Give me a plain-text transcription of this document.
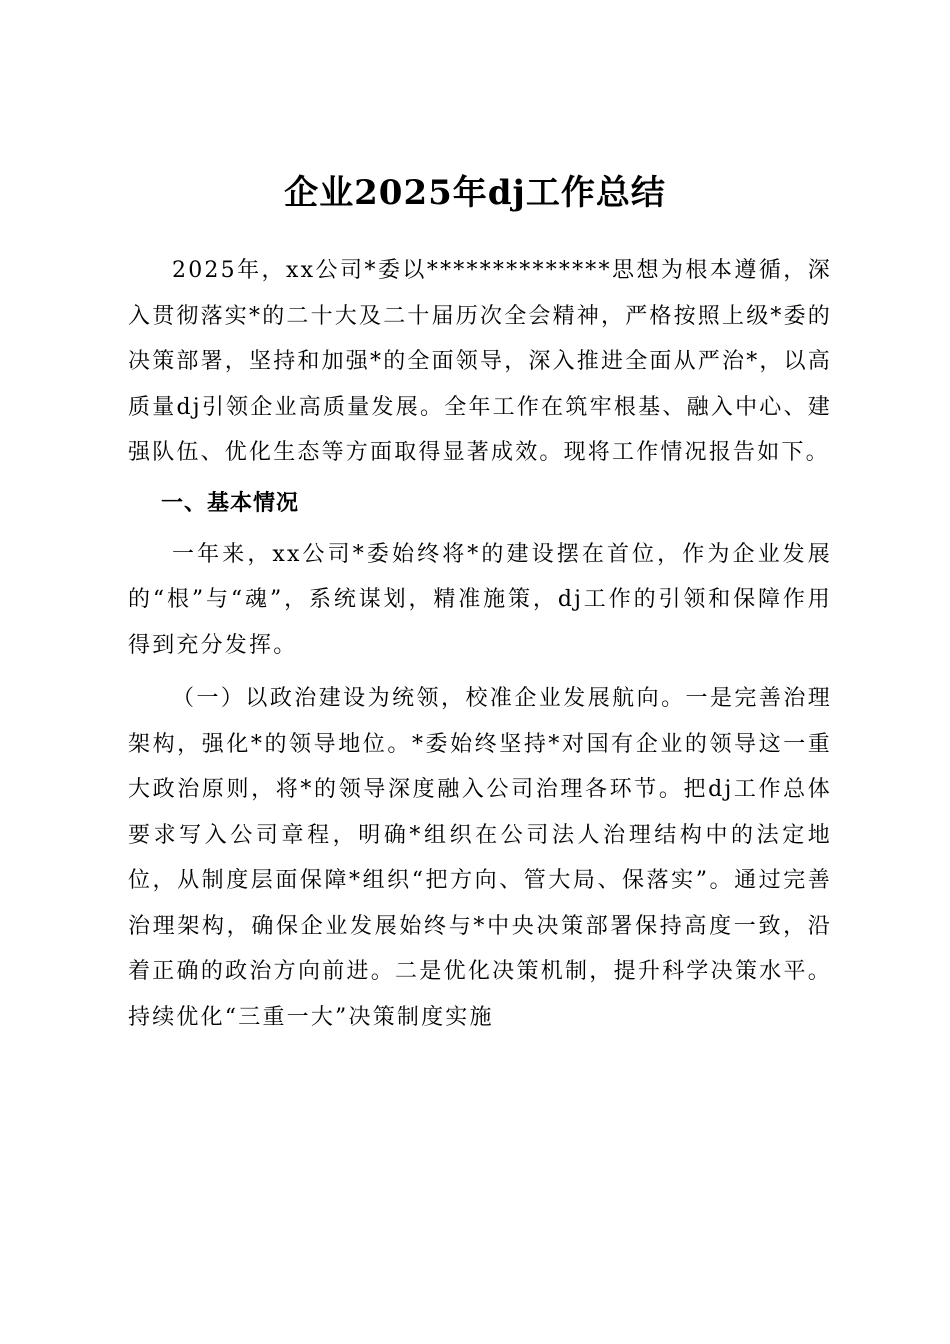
企业2025年dj工作总结

2025年，xx公司*委以**************思想为根本遵循，深入贯彻落实*的二十大及二十届历次全会精神，严格按照上级*委的决策部署，坚持和加强*的全面领导，深入推进全面从严治*，以高质量dj引领企业高质量发展。全年工作在筑牢根基、融入中心、建强队伍、优化生态等方面取得显著成效。现将工作情况报告如下。

一、基本情况

一年来，xx公司*委始终将*的建设摆在首位，作为企业发展的“根”与“魂”，系统谋划，精准施策，dj工作的引领和保障作用得到充分发挥。

（一）以政治建设为统领，校准企业发展航向。一是完善治理架构，强化*的领导地位。*委始终坚持*对国有企业的领导这一重大政治原则，将*的领导深度融入公司治理各环节。把dj工作总体要求写入公司章程，明确*组织在公司法人治理结构中的法定地位，从制度层面保障*组织“把方向、管大局、保落实”。通过完善治理架构，确保企业发展始终与*中央决策部署保持高度一致，沿着正确的政治方向前进。二是优化决策机制，提升科学决策水平。持续优化“三重一大”决策制度实施
